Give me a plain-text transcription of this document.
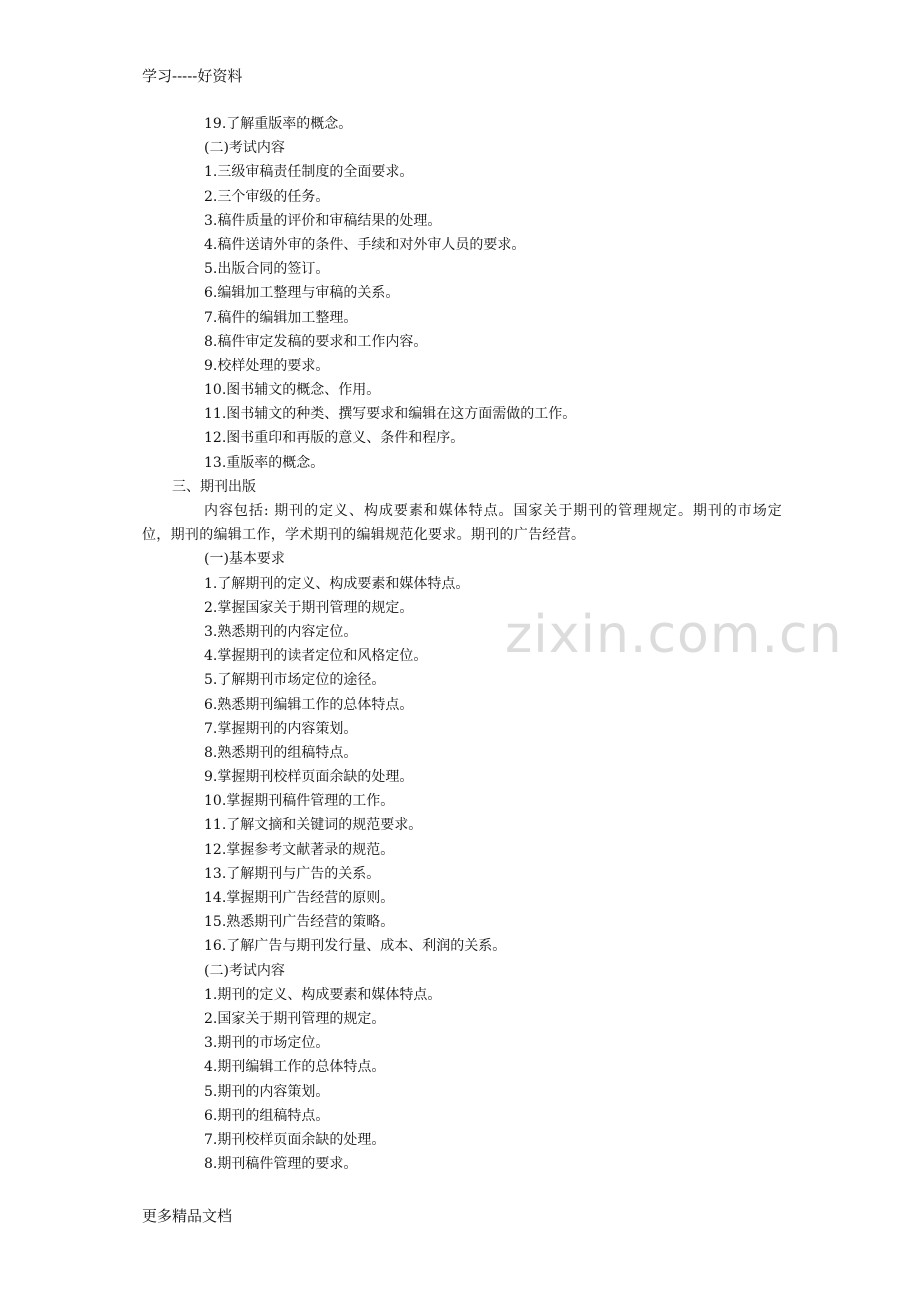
学习-----好资料
zixin.com.cn
19.了解重版率的概念。
(二)考试内容
1.三级审稿责任制度的全面要求。
2.三个审级的任务。
3.稿件质量的评价和审稿结果的处理。
4.稿件送请外审的条件、手续和对外审人员的要求。
5.出版合同的签订。
6.编辑加工整理与审稿的关系。
7.稿件的编辑加工整理。
8.稿件审定发稿的要求和工作内容。
9.校样处理的要求。
10.图书辅文的概念、作用。
11.图书辅文的种类、撰写要求和编辑在这方面需做的工作。
12.图书重印和再版的意义、条件和程序。
13.重版率的概念。
三、期刊出版
内容包括: 期刊的定义、构成要素和媒体特点。国家关于期刊的管理规定。期刊的市场定位，期刊的编辑工作，学术期刊的编辑规范化要求。期刊的广告经营。
(一)基本要求
1.了解期刊的定义、构成要素和媒体特点。
2.掌握国家关于期刊管理的规定。
3.熟悉期刊的内容定位。
4.掌握期刊的读者定位和风格定位。
5.了解期刊市场定位的途径。
6.熟悉期刊编辑工作的总体特点。
7.掌握期刊的内容策划。
8.熟悉期刊的组稿特点。
9.掌握期刊校样页面余缺的处理。
10.掌握期刊稿件管理的工作。
11.了解文摘和关键词的规范要求。
12.掌握参考文献著录的规范。
13.了解期刊与广告的关系。
14.掌握期刊广告经营的原则。
15.熟悉期刊广告经营的策略。
16.了解广告与期刊发行量、成本、利润的关系。
(二)考试内容
1.期刊的定义、构成要素和媒体特点。
2.国家关于期刊管理的规定。
3.期刊的市场定位。
4.期刊编辑工作的总体特点。
5.期刊的内容策划。
6.期刊的组稿特点。
7.期刊校样页面余缺的处理。
8.期刊稿件管理的要求。
更多精品文档
